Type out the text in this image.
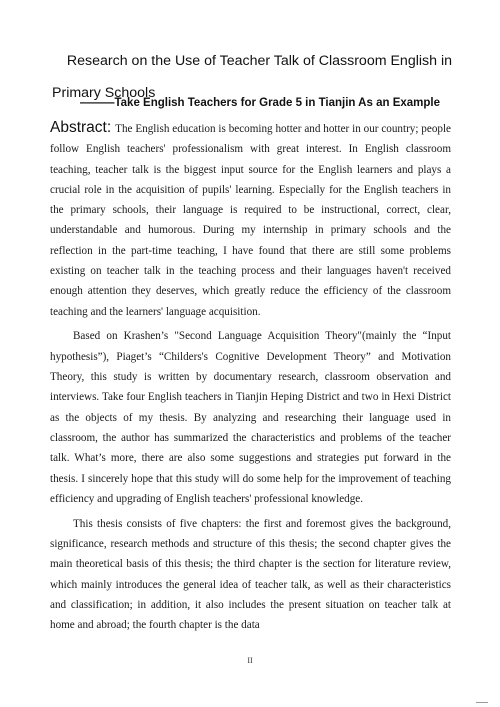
Research on the Use of Teacher Talk of Classroom English in
Primary Schools

———Take English Teachers for Grade 5 in Tianjin As an Example

Abstract: The English education is becoming hotter and hotter in our country; people follow English teachers' professionalism with great interest. In English classroom teaching, teacher talk is the biggest input source for the English learners and plays a crucial role in the acquisition of pupils' learning. Especially for the English teachers in the primary schools, their language is required to be instructional, correct, clear, understandable and humorous. During my internship in primary schools and the reflection in the part-time teaching, I have found that there are still some problems existing on teacher talk in the teaching process and their languages haven't received enough attention they deserves, which greatly reduce the efficiency of the classroom teaching and the learners' language acquisition.

Based on Krashen’s "Second Language Acquisition Theory"(mainly the “Input hypothesis”), Piaget’s “Childers's Cognitive Development Theory” and Motivation Theory, this study is written by documentary research, classroom observation and interviews. Take four English teachers in Tianjin Heping District and two in Hexi District as the objects of my thesis. By analyzing and researching their language used in classroom, the author has summarized the characteristics and problems of the teacher talk. What’s more, there are also some suggestions and strategies put forward in the thesis. I sincerely hope that this study will do some help for the improvement of teaching efficiency and upgrading of English teachers' professional knowledge.

This thesis consists of five chapters: the first and foremost gives the background, significance, research methods and structure of this thesis; the second chapter gives the main theoretical basis of this thesis; the third chapter is the section for literature review, which mainly introduces the general idea of teacher talk, as well as their characteristics and classification; in addition, it also includes the present situation on teacher talk at home and abroad; the fourth chapter is the data

II
